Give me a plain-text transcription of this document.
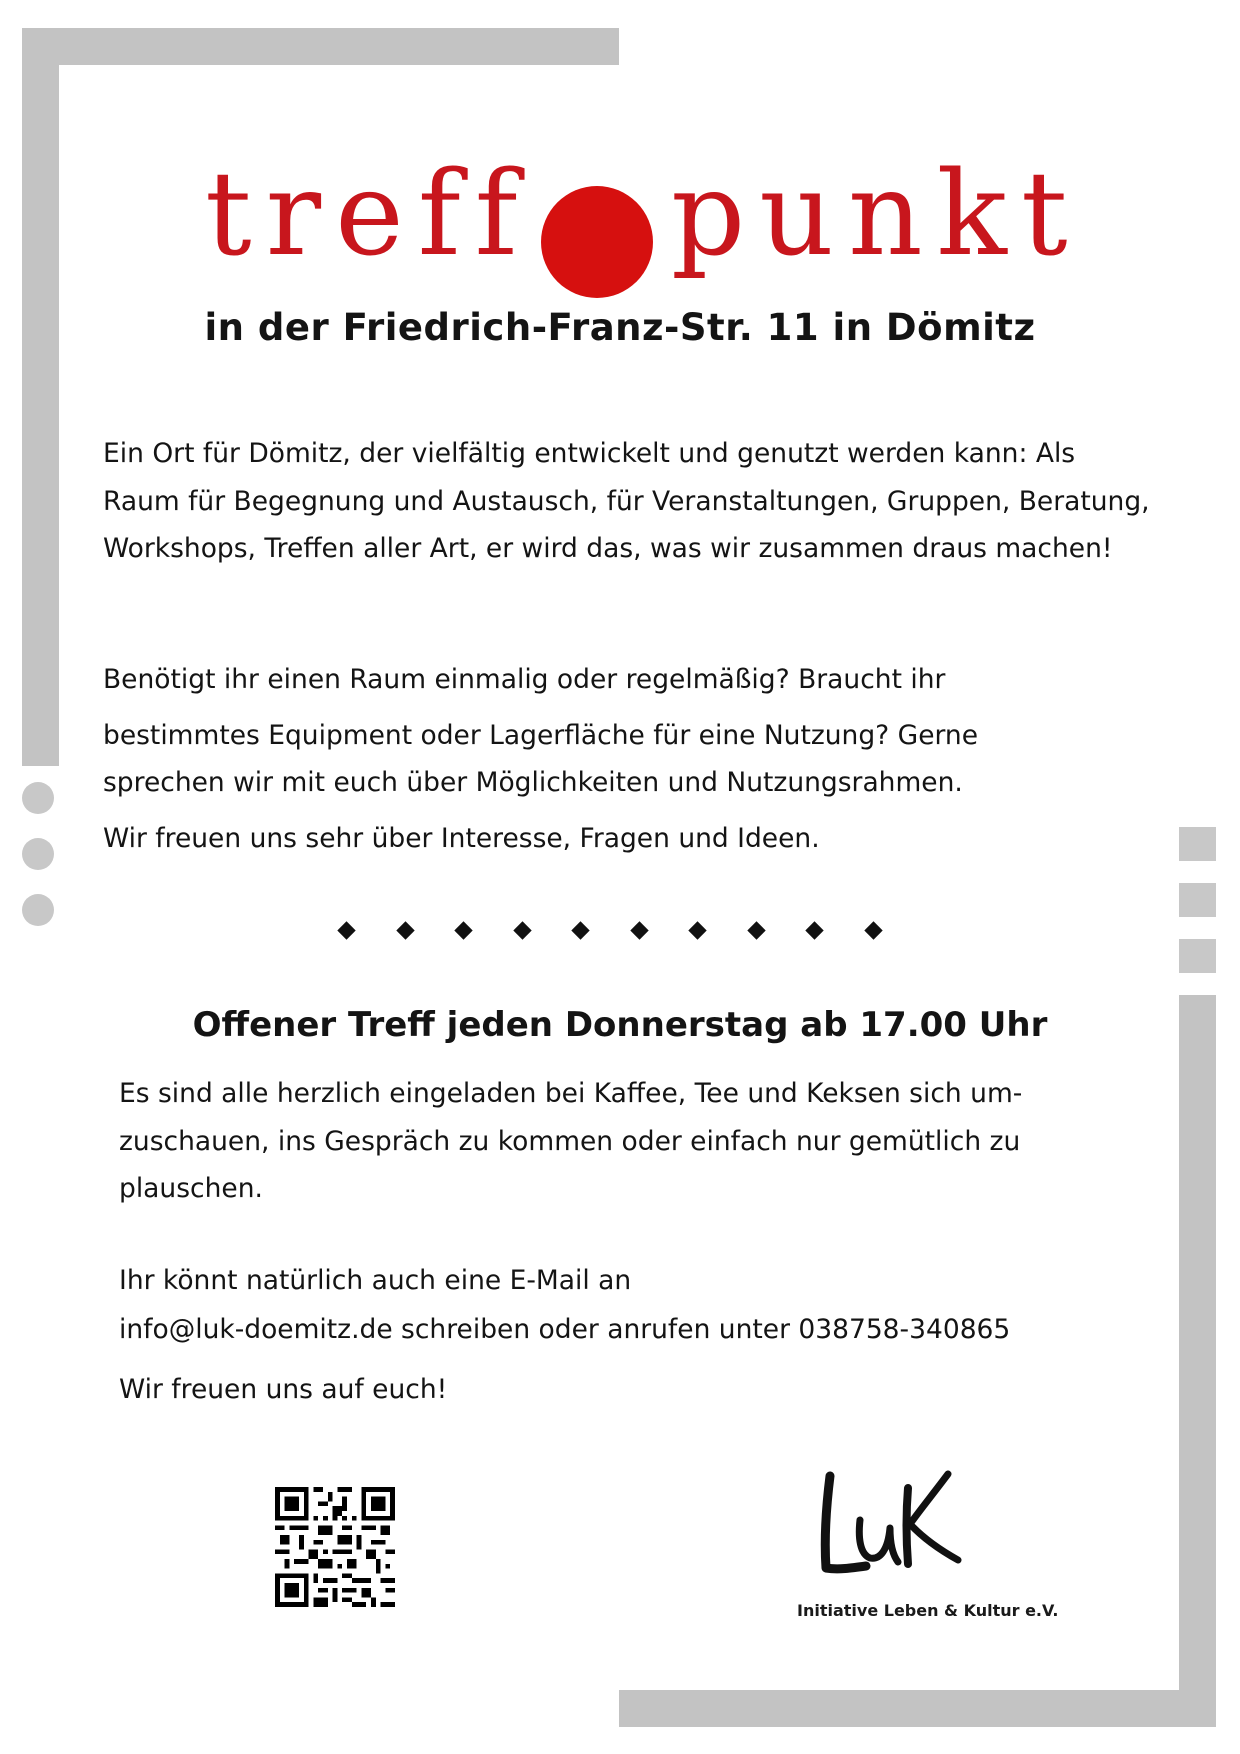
treff punkt
in der Friedrich-Franz-Str. 11 in Dömitz

Ein Ort für Dömitz, der vielfältig entwickelt und genutzt werden kann: Als Raum für Begegnung und Austausch, für Veranstaltungen, Gruppen, Beratung, Workshops, Treffen aller Art, er wird das, was wir zusammen draus machen!

Benötigt ihr einen Raum einmalig oder regelmäßig? Braucht ihr
bestimmtes Equipment oder Lagerfläche für eine Nutzung? Gerne
sprechen wir mit euch über Möglichkeiten und Nutzungsrahmen.
Wir freuen uns sehr über Interesse, Fragen und Ideen.
Offener Treff jeden Donnerstag ab 17.00 Uhr

Es sind alle herzlich eingeladen bei Kaffee, Tee und Keksen sich um-zuschauen, ins Gespräch zu kommen oder einfach nur gemütlich zu plauschen.

Ihr könnt natürlich auch eine E-Mail an
info@luk-doemitz.de schreiben oder anrufen unter 038758-340865
Wir freuen uns auf euch!
Initiative Leben & Kultur e.V.
